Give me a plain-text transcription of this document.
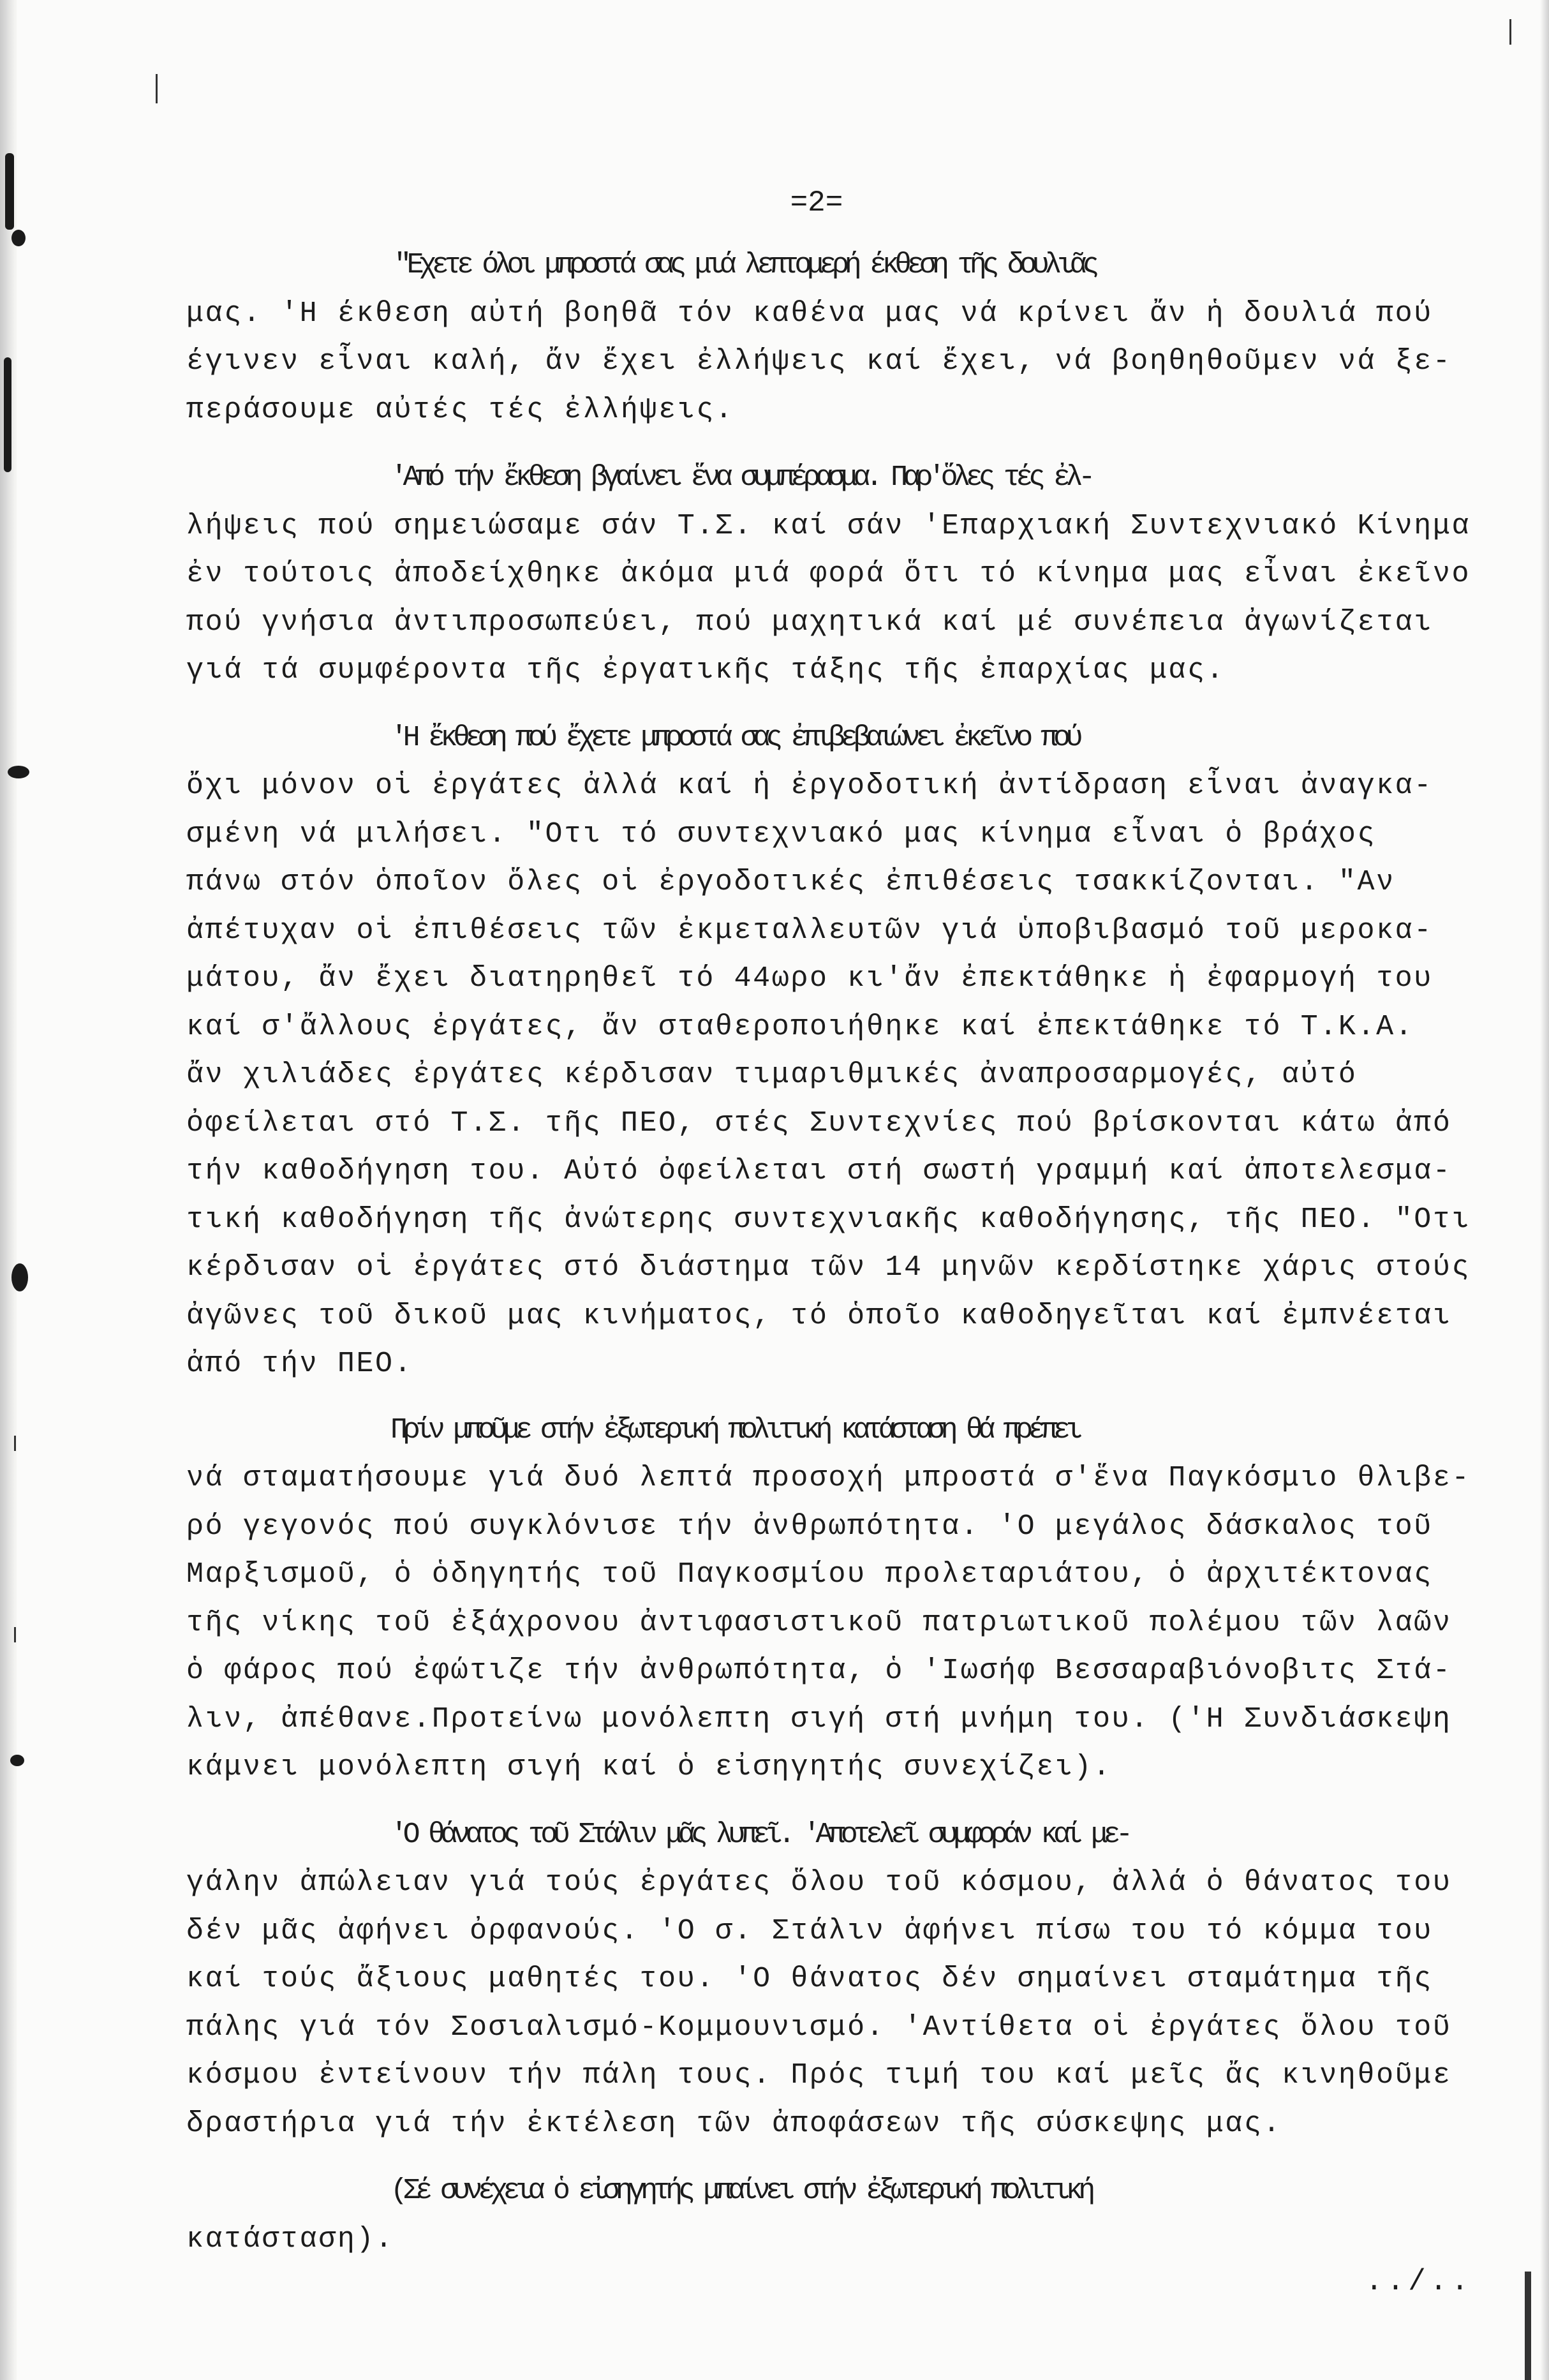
=2=

"Εχετε όλοι μπροστά σας μιά λεπτομερή έκθεση τῆς δουλιᾶς
μας. 'Η έκθεση αὐτή βοηθᾶ τόν καθένα μας νά κρίνει ἄν ἡ δουλιά πού
έγινεν εἶναι καλή, ἄν ἔχει ἐλλήψεις καί ἔχει, νά βοηθηθοῦμεν νά ξε-
περάσουμε αὐτές τές ἐλλήψεις.

'Από τήν ἔκθεση βγαίνει ἕνα συμπέρασμα. Παρ'ὅλες τές ἐλ-
λήψεις πού σημειώσαμε σάν Τ.Σ. καί σάν 'Επαρχιακή Συντεχνιακό Κίνημα
ἐν τούτοις ἀποδείχθηκε ἀκόμα μιά φορά ὅτι τό κίνημα μας εἶναι ἐκεῖνο
πού γνήσια ἀντιπροσωπεύει, πού μαχητικά καί μέ συνέπεια ἀγωνίζεται
γιά τά συμφέροντα τῆς ἐργατικῆς τάξης τῆς ἐπαρχίας μας.

'Η ἔκθεση πού ἔχετε μπροστά σας ἐπιβεβαιώνει ἐκεῖνο πού
ὄχι μόνον οἱ ἐργάτες ἀλλά καί ἡ ἐργοδοτική ἀντίδραση εἶναι ἀναγκα-
σμένη νά μιλήσει. "Οτι τό συντεχνιακό μας κίνημα εἶναι ὁ βράχος
πάνω στόν ὁποῖον ὅλες οἱ ἐργοδοτικές ἐπιθέσεις τσακκίζονται. "Αν
ἀπέτυχαν οἱ ἐπιθέσεις τῶν ἐκμεταλλευτῶν γιά ὑποβιβασμό τοῦ μεροκα-
μάτου, ἄν ἔχει διατηρηθεῖ τό 44ωρο κι'ἄν ἐπεκτάθηκε ἡ ἐφαρμογή του
καί σ'ἄλλους ἐργάτες, ἄν σταθεροποιήθηκε καί ἐπεκτάθηκε τό Τ.Κ.Α.
ἄν χιλιάδες ἐργάτες κέρδισαν τιμαριθμικές ἀναπροσαρμογές, αὐτό
ὀφείλεται στό Τ.Σ. τῆς ΠΕΟ, στές Συντεχνίες πού βρίσκονται κάτω ἀπό
τήν καθοδήγηση του. Αὐτό ὀφείλεται στή σωστή γραμμή καί ἀποτελεσμα-
τική καθοδήγηση τῆς ἀνώτερης συντεχνιακῆς καθοδήγησης, τῆς ΠΕΟ. "Οτι
κέρδισαν οἱ ἐργάτες στό διάστημα τῶν 14 μηνῶν κερδίστηκε χάρις στούς
ἀγῶνες τοῦ δικοῦ μας κινήματος, τό ὁποῖο καθοδηγεῖται καί ἐμπνέεται
ἀπό τήν ΠΕΟ.

Πρίν μποῦμε στήν ἐξωτερική πολιτική κατάσταση θά πρέπει
νά σταματήσουμε γιά δυό λεπτά προσοχή μπροστά σ'ἕνα Παγκόσμιο θλιβε-
ρό γεγονός πού συγκλόνισε τήν ἀνθρωπότητα. 'Ο μεγάλος δάσκαλος τοῦ
Μαρξισμοῦ, ὁ ὁδηγητής τοῦ Παγκοσμίου προλεταριάτου, ὁ ἀρχιτέκτονας
τῆς νίκης τοῦ ἐξάχρονου ἀντιφασιστικοῦ πατριωτικοῦ πολέμου τῶν λαῶν
ὁ φάρος πού ἐφώτιζε τήν ἀνθρωπότητα, ὁ 'Ιωσήφ Βεσσαραβιόνοβιτς Στά-
λιν, ἀπέθανε.Προτείνω μονόλεπτη σιγή στή μνήμη του. ('Η Συνδιάσκεψη
κάμνει μονόλεπτη σιγή καί ὁ εἰσηγητής συνεχίζει).

'Ο θάνατος τοῦ Στάλιν μᾶς λυπεῖ. 'Αποτελεῖ συμφοράν καί με-
γάλην ἀπώλειαν γιά τούς ἐργάτες ὅλου τοῦ κόσμου, ἀλλά ὁ θάνατος του
δέν μᾶς ἀφήνει ὀρφανούς. 'Ο σ. Στάλιν ἀφήνει πίσω του τό κόμμα του
καί τούς ἄξιους μαθητές του. 'Ο θάνατος δέν σημαίνει σταμάτημα τῆς
πάλης γιά τόν Σοσιαλισμό-Κομμουνισμό. 'Αντίθετα οἱ ἐργάτες ὅλου τοῦ
κόσμου ἐντείνουν τήν πάλη τους. Πρός τιμή του καί μεῖς ἄς κινηθοῦμε
δραστήρια γιά τήν ἐκτέλεση τῶν ἀποφάσεων τῆς σύσκεψης μας.

(Σέ συνέχεια ὁ εἰσηγητής μπαίνει στήν ἐξωτερική πολιτική
κατάσταση).

../..
